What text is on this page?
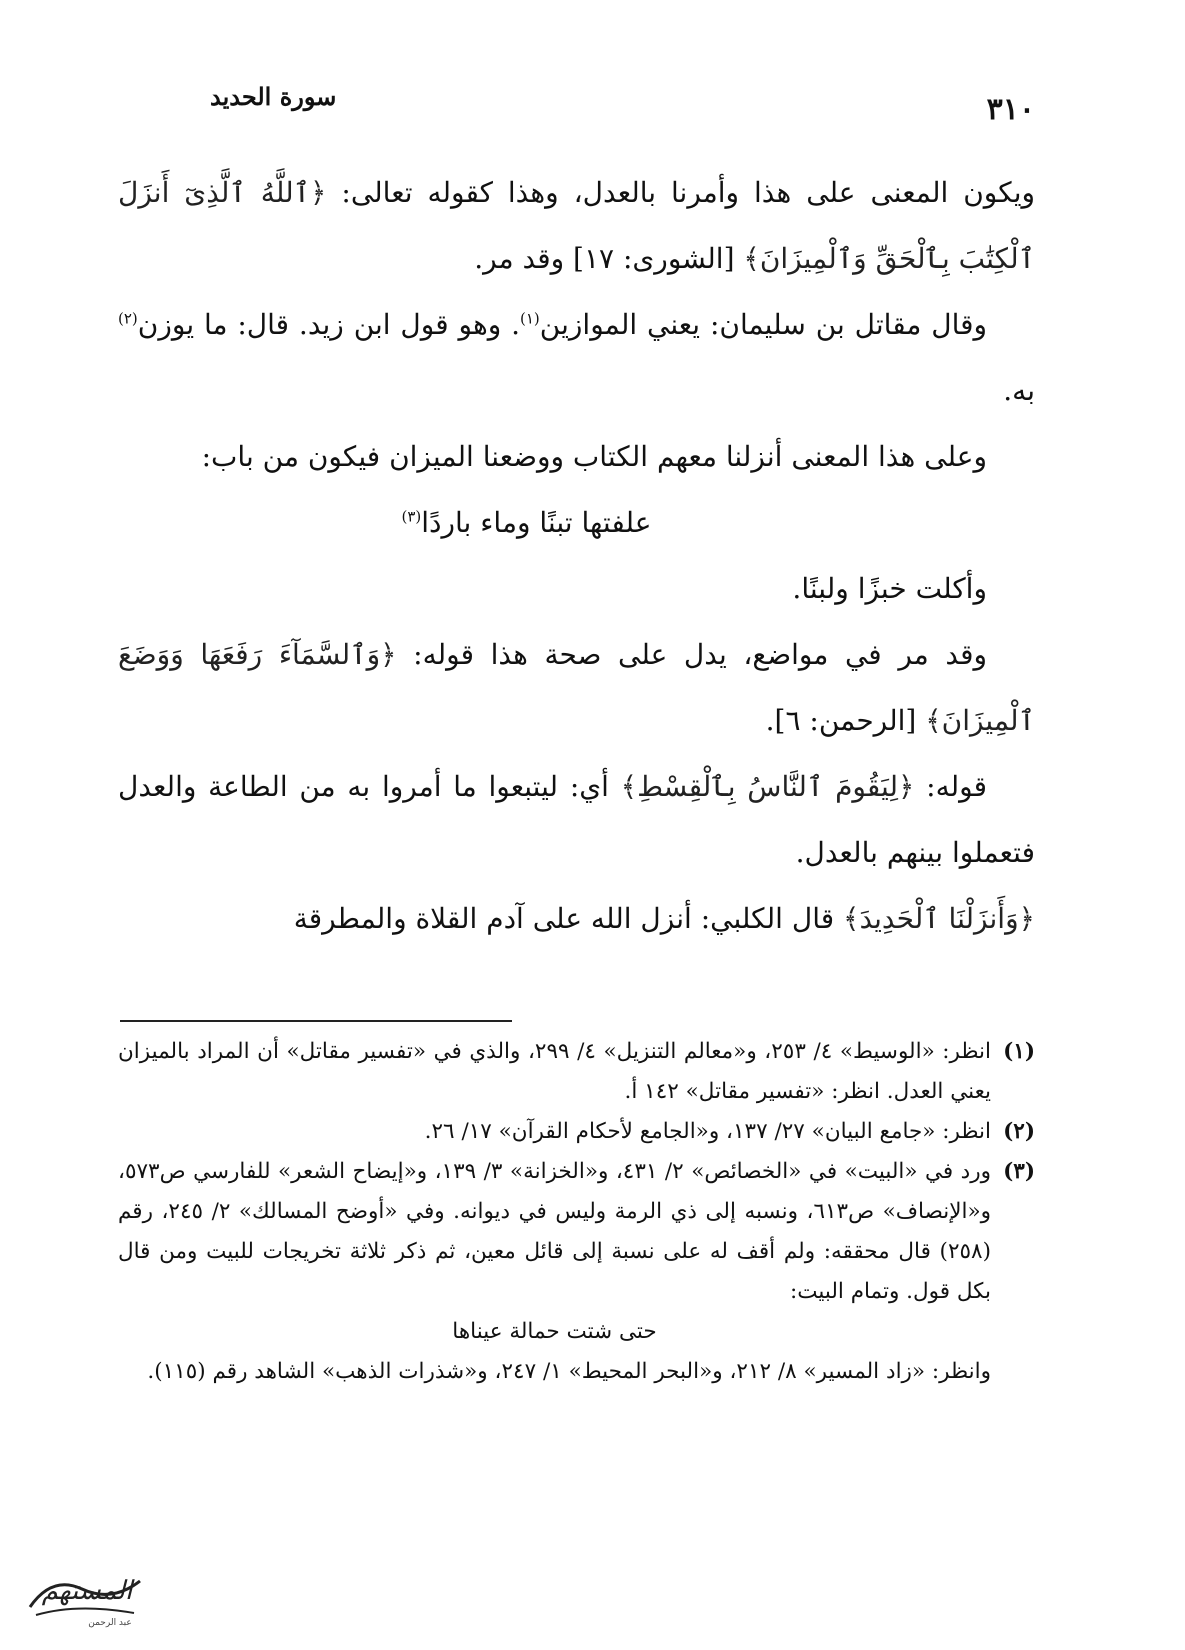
٣١٠
سورة الحديد

ويكون المعنى على هذا وأمرنا بالعدل، وهذا كقوله تعالى: ﴿ٱللَّهُ ٱلَّذِىٓ أَنزَلَ ٱلْكِتَٰبَ بِٱلْحَقِّ وَٱلْمِيزَانَ﴾ [الشورى: ١٧] وقد مر.

وقال مقاتل بن سليمان: يعني الموازين$^{(١)}$. وهو قول ابن زيد. قال: ما يوزن$^{(٢)}$ به.

وعلى هذا المعنى أنزلنا معهم الكتاب ووضعنا الميزان فيكون من باب:

علفتها تبنًا وماء باردًا$^{(٣)}$

وأكلت خبزًا ولبنًا.

وقد مر في مواضع، يدل على صحة هذا قوله: ﴿وَٱلسَّمَآءَ رَفَعَهَا وَوَضَعَ ٱلْمِيزَانَ﴾ [الرحمن: ٦].

قوله: ﴿لِيَقُومَ ٱلنَّاسُ بِٱلْقِسْطِ﴾ أي: ليتبعوا ما أمروا به من الطاعة والعدل فتعملوا بينهم بالعدل.

﴿وَأَنزَلْنَا ٱلْحَدِيدَ﴾ قال الكلبي: أنزل الله على آدم القلاة والمطرقة

(١)
انظر: «الوسيط» ٤/ ٢٥٣، و«معالم التنزيل» ٤/ ٢٩٩، والذي في «تفسير مقاتل» أن المراد بالميزان يعني العدل. انظر: «تفسير مقاتل» ١٤٢ أ.
(٢)
انظر: «جامع البيان» ٢٧/ ١٣٧، و«الجامع لأحكام القرآن» ١٧/ ٢٦.
(٣)
ورد في «البيت» في «الخصائص» ٢/ ٤٣١، و«الخزانة» ٣/ ١٣٩، و«إيضاح الشعر» للفارسي ص٥٧٣، و«الإنصاف» ص٦١٣، ونسبه إلى ذي الرمة وليس في ديوانه. وفي «أوضح المسالك» ٢/ ٢٤٥، رقم (٢٥٨) قال محققه: ولم أقف له على نسبة إلى قائل معين، ثم ذكر ثلاثة تخريجات للبيت ومن قال بكل قول. وتمام البيت:
حتى شتت حمالة عيناها
وانظر: «زاد المسير» ٨/ ٢١٢، و«البحر المحيط» ١/ ٢٤٧، و«شذرات الذهب» الشاهد رقم (١١٥).
المستهم
عبد الرحمن
